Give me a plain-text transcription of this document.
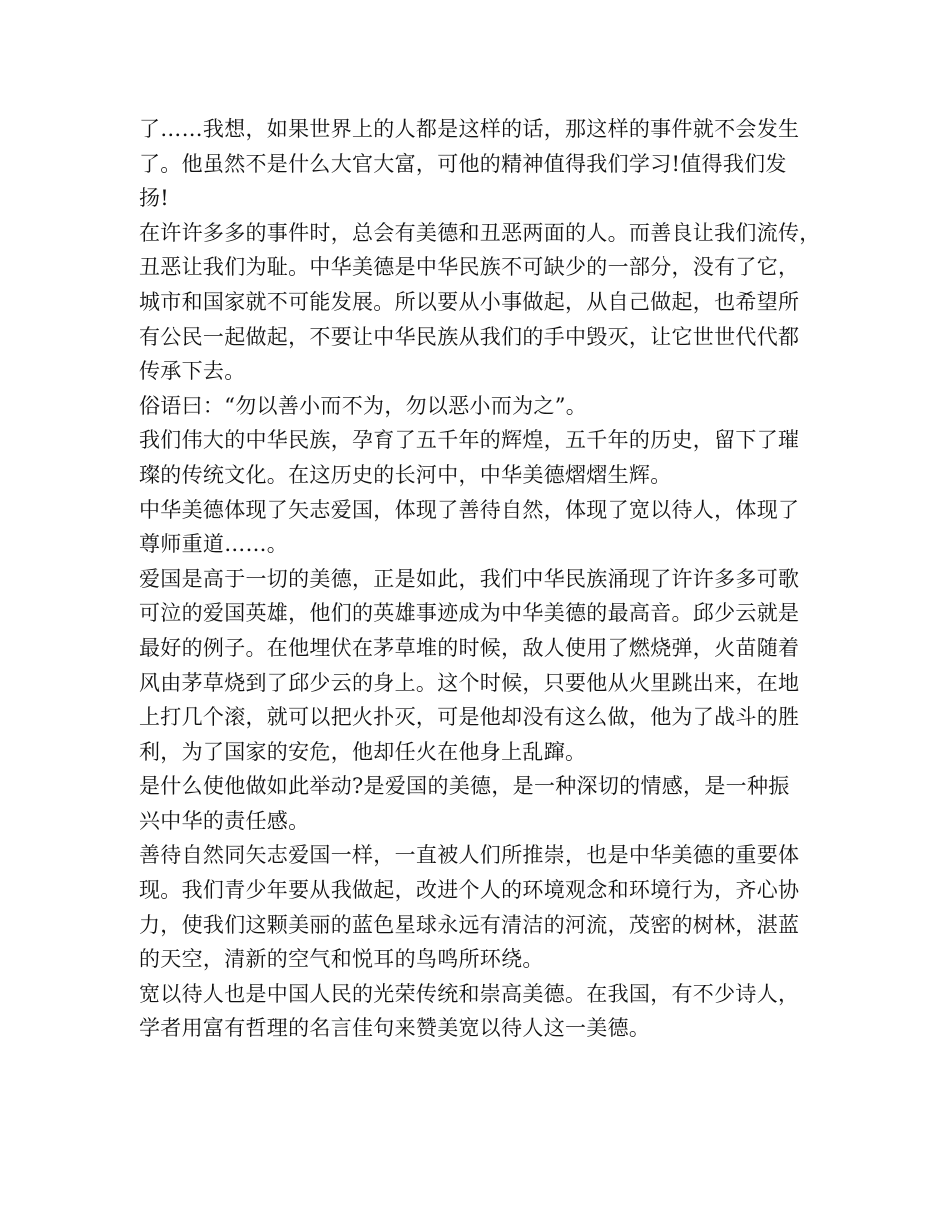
了……我想，如果世界上的人都是这样的话，那这样的事件就不会发生
了。他虽然不是什么大官大富，可他的精神值得我们学习!值得我们发
扬!

在许许多多的事件时，总会有美德和丑恶两面的人。而善良让我们流传，
丑恶让我们为耻。中华美德是中华民族不可缺少的一部分，没有了它，
城市和国家就不可能发展。所以要从小事做起，从自己做起，也希望所
有公民一起做起，不要让中华民族从我们的手中毁灭，让它世世代代都
传承下去。

俗语曰：“勿以善小而不为，勿以恶小而为之”。

我们伟大的中华民族，孕育了五千年的辉煌，五千年的历史，留下了璀
璨的传统文化。在这历史的长河中，中华美德熠熠生辉。

中华美德体现了矢志爱国，体现了善待自然，体现了宽以待人，体现了
尊师重道……。

爱国是高于一切的美德，正是如此，我们中华民族涌现了许许多多可歌
可泣的爱国英雄，他们的英雄事迹成为中华美德的最高音。邱少云就是
最好的例子。在他埋伏在茅草堆的时候，敌人使用了燃烧弹，火苗随着
风由茅草烧到了邱少云的身上。这个时候，只要他从火里跳出来，在地
上打几个滚，就可以把火扑灭，可是他却没有这么做，他为了战斗的胜
利，为了国家的安危，他却任火在他身上乱蹿。

是什么使他做如此举动?是爱国的美德，是一种深切的情感，是一种振
兴中华的责任感。

善待自然同矢志爱国一样，一直被人们所推崇，也是中华美德的重要体
现。我们青少年要从我做起，改进个人的环境观念和环境行为，齐心协
力，使我们这颗美丽的蓝色星球永远有清洁的河流，茂密的树林，湛蓝
的天空，清新的空气和悦耳的鸟鸣所环绕。

宽以待人也是中国人民的光荣传统和崇高美德。在我国，有不少诗人，
学者用富有哲理的名言佳句来赞美宽以待人这一美德。
